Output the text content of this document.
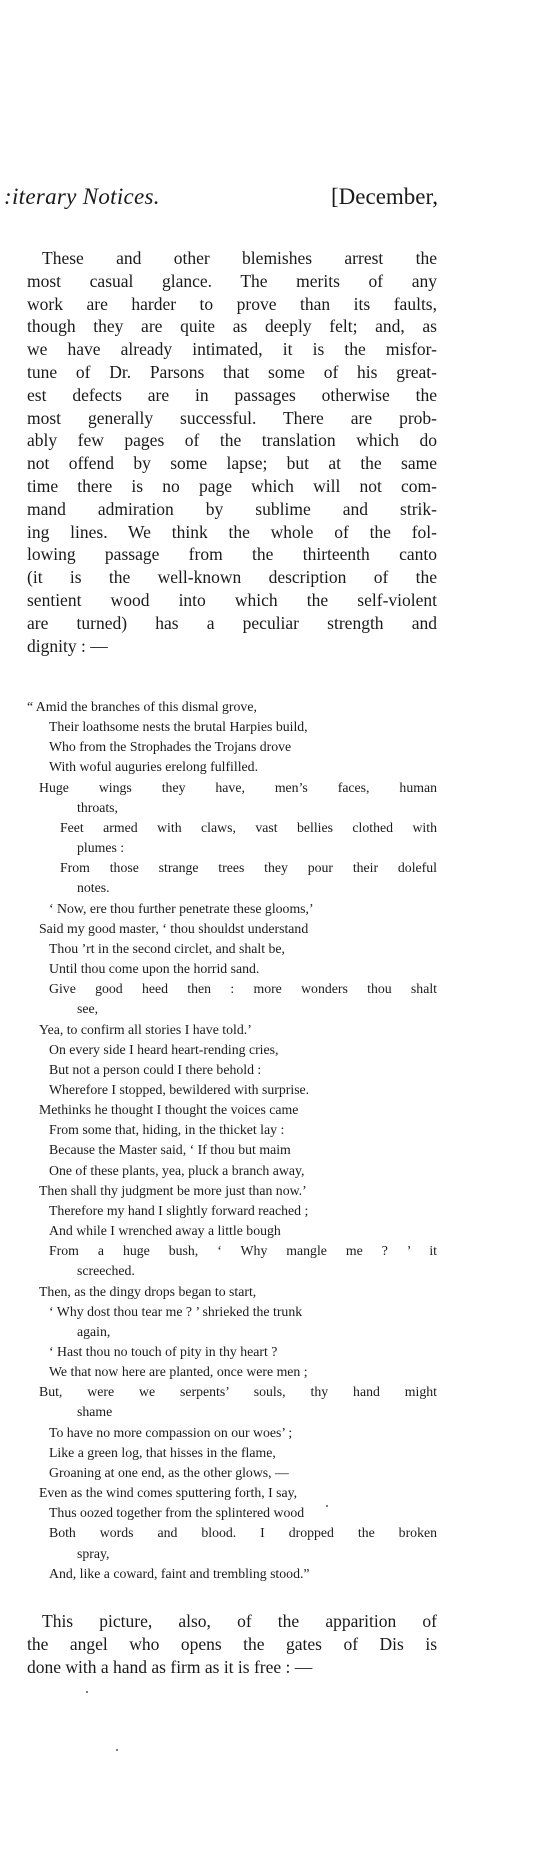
:iterary Notices.	[December,
These and other blemishes arrest the
most casual glance. The merits of any
work are harder to prove than its faults,
though they are quite as deeply felt; and, as
we have already intimated, it is the misfor-
tune of Dr. Parsons that some of his great-
est defects are in passages otherwise the
most generally successful. There are prob-
ably few pages of the translation which do
not offend by some lapse; but at the same
time there is no page which will not com-
mand admiration by sublime and strik-
ing lines. We think the whole of the fol-
lowing passage from the thirteenth canto
(it is the well-known description of the
sentient wood into which the self-violent
are turned) has a peculiar strength and
dignity : —
“ Amid the branches of this dismal grove,
Their loathsome nests the brutal Harpies build,
Who from the Strophades the Trojans drove
With woful auguries erelong fulfilled.
Huge wings they have, men’s faces, human
throats,
Feet armed with claws, vast bellies clothed with
plumes :
From those strange trees they pour their doleful
notes.
‘ Now, ere thou further penetrate these glooms,’
Said my good master, ‘ thou shouldst understand
Thou ’rt in the second circlet, and shalt be,
Until thou come upon the horrid sand.
Give good heed then : more wonders thou shalt
see,
Yea, to confirm all stories I have told.’
On every side I heard heart-rending cries,
But not a person could I there behold :
Wherefore I stopped, bewildered with surprise.
Methinks he thought I thought the voices came
From some that, hiding, in the thicket lay :
Because the Master said, ‘ If thou but maim
One of these plants, yea, pluck a branch away,
Then shall thy judgment be more just than now.’
Therefore my hand I slightly forward reached ;
And while I wrenched away a little bough
From a huge bush, ‘ Why mangle me ? ’ it
screeched.
Then, as the dingy drops began to start,
‘ Why dost thou tear me ? ’ shrieked the trunk
again,
‘ Hast thou no touch of pity in thy heart ?
We that now here are planted, once were men ;
But, were we serpents’ souls, thy hand might
shame
To have no more compassion on our woes’ ;
Like a green log, that hisses in the flame,
Groaning at one end, as the other glows, —
Even as the wind comes sputtering forth, I say,
Thus oozed together from the splintered wood
Both words and blood. I dropped the broken
spray,
And, like a coward, faint and trembling stood.”
This picture, also, of the apparition of
the angel who opens the gates of Dis is
done with a hand as firm as it is free : —
